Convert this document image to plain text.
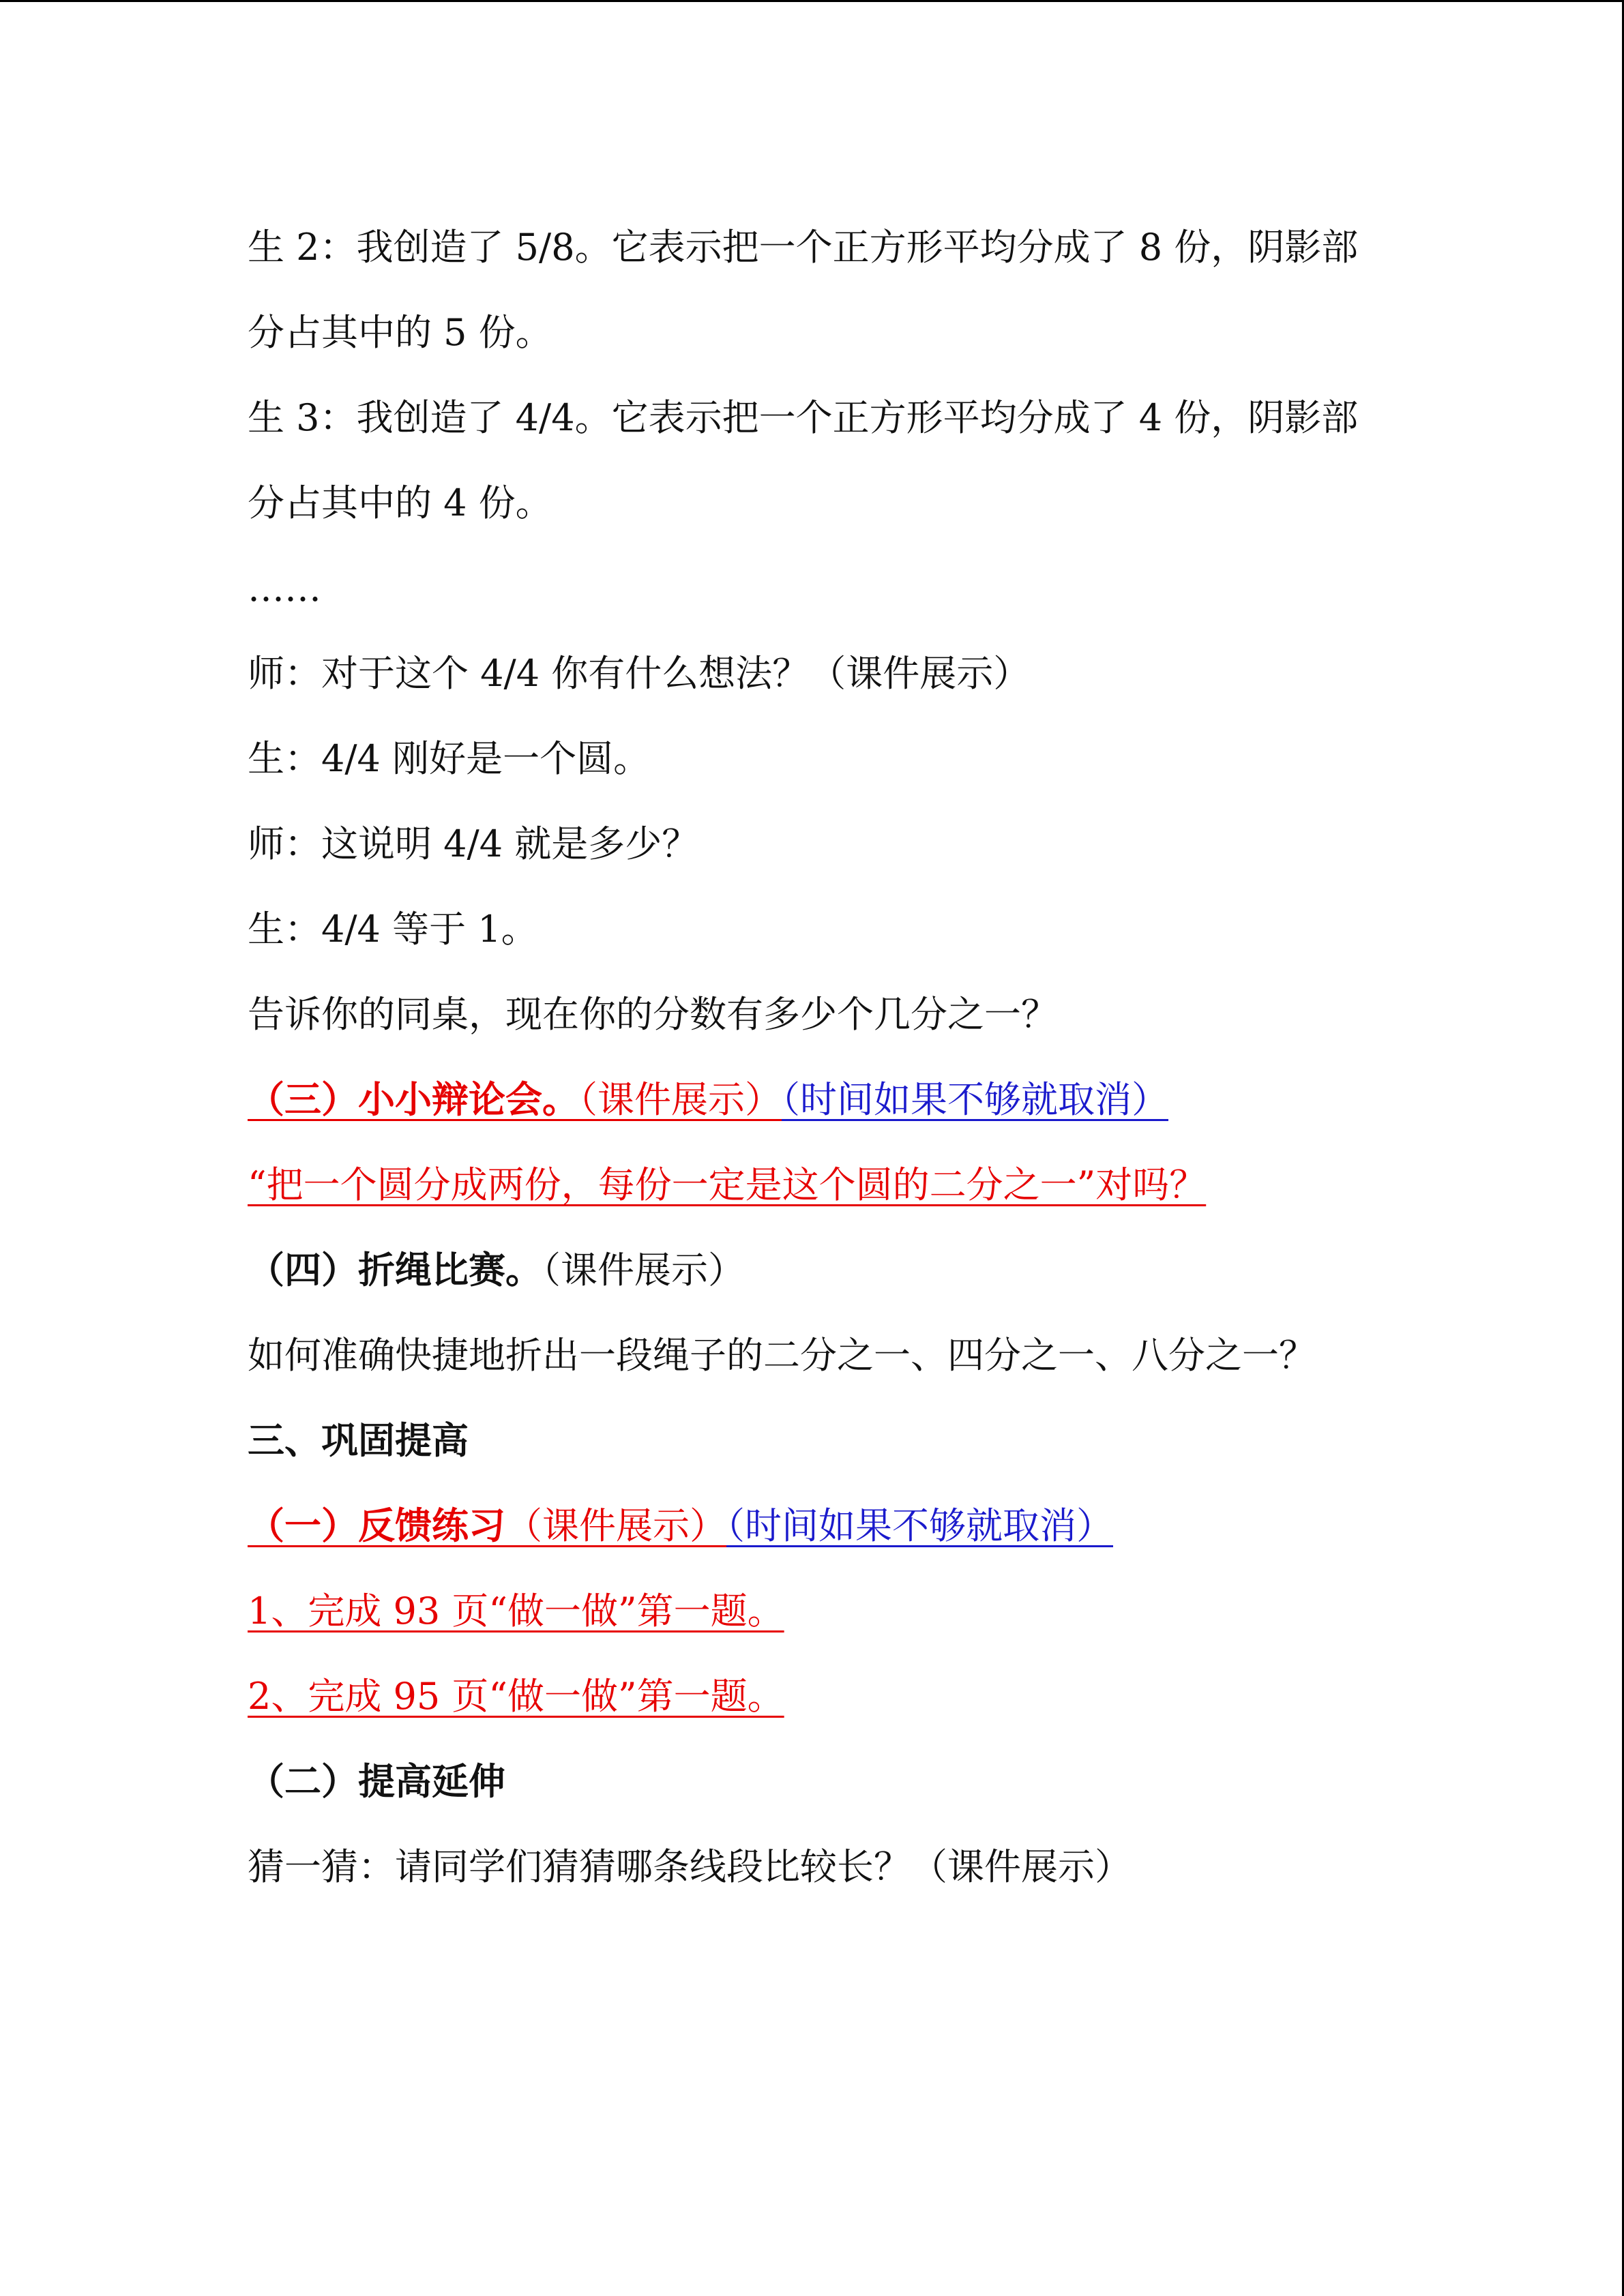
生 2：我创造了 5/8。它表示把一个正方形平均分成了 8 份，阴影部
分占其中的 5 份。
生 3：我创造了 4/4。它表示把一个正方形平均分成了 4 份，阴影部
分占其中的 4 份。
……
师：对于这个 4/4 你有什么想法？（课件展示）
生：4/4 刚好是一个圆。
师：这说明 4/4 就是多少？
生：4/4 等于 1。
告诉你的同桌，现在你的分数有多少个几分之一？
（三）小小辩论会。（课件展示）（时间如果不够就取消）
“把一个圆分成两份，每份一定是这个圆的二分之一”对吗？
（四）折绳比赛。（课件展示）
如何准确快捷地折出一段绳子的二分之一、四分之一、八分之一？
三、巩固提高
（一）反馈练习（课件展示）（时间如果不够就取消）
1、完成 93 页“做一做”第一题。
2、完成 95 页“做一做”第一题。
（二）提高延伸
猜一猜：请同学们猜猜哪条线段比较长？（课件展示）
